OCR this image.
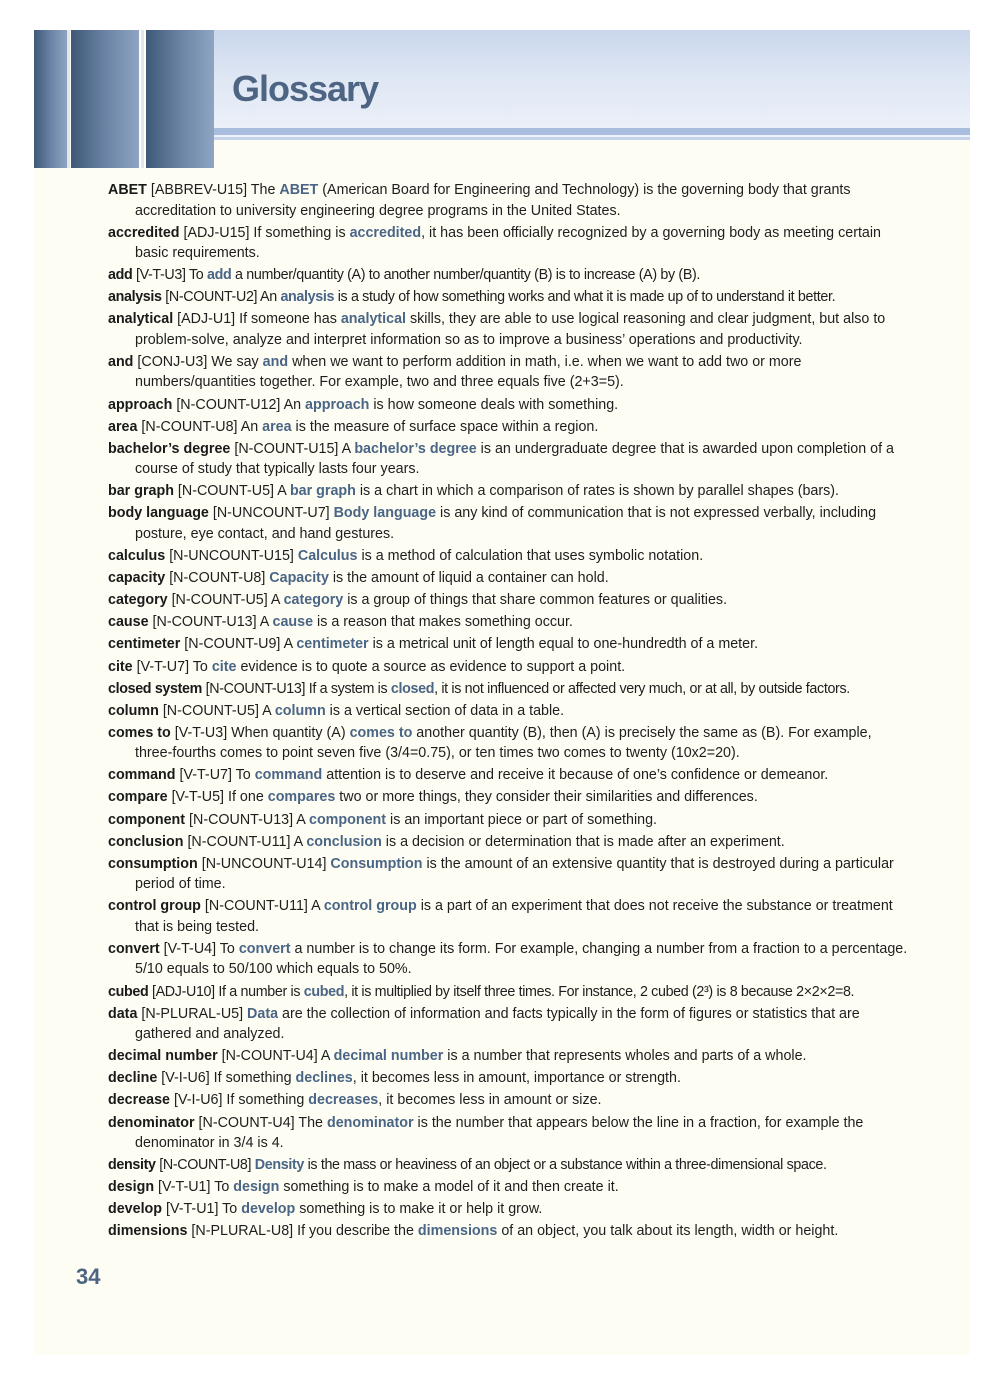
Glossary

ABET [ABBREV-U15] The ABET (American Board for Engineering and Technology) is the governing body that grants accreditation to university engineering degree programs in the United States.

accredited [ADJ-U15] If something is accredited, it has been officially recognized by a governing body as meeting certain basic requirements.

add [V-T-U3] To add a number/quantity (A) to another number/quantity (B) is to increase (A) by (B).

analysis [N-COUNT-U2] An analysis is a study of how something works and what it is made up of to understand it better.

analytical [ADJ-U1] If someone has analytical skills, they are able to use logical reasoning and clear judgment, but also to problem-solve, analyze and interpret information so as to improve a business’ operations and productivity.

and [CONJ-U3] We say and when we want to perform addition in math, i.e. when we want to add two or more numbers/quantities together. For example, two and three equals five (2+3=5).

approach [N-COUNT-U12] An approach is how someone deals with something.

area [N-COUNT-U8] An area is the measure of surface space within a region.

bachelor’s degree [N-COUNT-U15] A bachelor’s degree is an undergraduate degree that is awarded upon completion of a course of study that typically lasts four years.

bar graph [N-COUNT-U5] A bar graph is a chart in which a comparison of rates is shown by parallel shapes (bars).

body language [N-UNCOUNT-U7] Body language is any kind of communication that is not expressed verbally, including posture, eye contact, and hand gestures.

calculus [N-UNCOUNT-U15] Calculus is a method of calculation that uses symbolic notation.

capacity [N-COUNT-U8] Capacity is the amount of liquid a container can hold.

category [N-COUNT-U5] A category is a group of things that share common features or qualities.

cause [N-COUNT-U13] A cause is a reason that makes something occur.

centimeter [N-COUNT-U9] A centimeter is a metrical unit of length equal to one-hundredth of a meter.

cite [V-T-U7] To cite evidence is to quote a source as evidence to support a point.

closed system [N-COUNT-U13] If a system is closed, it is not influenced or affected very much, or at all, by outside factors.

column [N-COUNT-U5] A column is a vertical section of data in a table.

comes to [V-T-U3] When quantity (A) comes to another quantity (B), then (A) is precisely the same as (B). For example, three-fourths comes to point seven five (3/4=0.75), or ten times two comes to twenty (10x2=20).

command [V-T-U7] To command attention is to deserve and receive it because of one’s confidence or demeanor.

compare [V-T-U5] If one compares two or more things, they consider their similarities and differences.

component [N-COUNT-U13] A component is an important piece or part of something.

conclusion [N-COUNT-U11] A conclusion is a decision or determination that is made after an experiment.

consumption [N-UNCOUNT-U14] Consumption is the amount of an extensive quantity that is destroyed during a particular period of time.

control group [N-COUNT-U11] A control group is a part of an experiment that does not receive the substance or treatment that is being tested.

convert [V-T-U4] To convert a number is to change its form. For example, changing a number from a fraction to a percentage. 5/10 equals to 50/100 which equals to 50%.

cubed [ADJ-U10] If a number is cubed, it is multiplied by itself three times. For instance, 2 cubed (2³) is 8 because 2×2×2=8.

data [N-PLURAL-U5] Data are the collection of information and facts typically in the form of figures or statistics that are gathered and analyzed.

decimal number [N-COUNT-U4] A decimal number is a number that represents wholes and parts of a whole.

decline [V-I-U6] If something declines, it becomes less in amount, importance or strength.

decrease [V-I-U6] If something decreases, it becomes less in amount or size.

denominator [N-COUNT-U4] The denominator is the number that appears below the line in a fraction, for example the denominator in 3/4 is 4.

density [N-COUNT-U8] Density is the mass or heaviness of an object or a substance within a three-dimensional space.

design [V-T-U1] To design something is to make a model of it and then create it.

develop [V-T-U1] To develop something is to make it or help it grow.

dimensions [N-PLURAL-U8] If you describe the dimensions of an object, you talk about its length, width or height.

34
